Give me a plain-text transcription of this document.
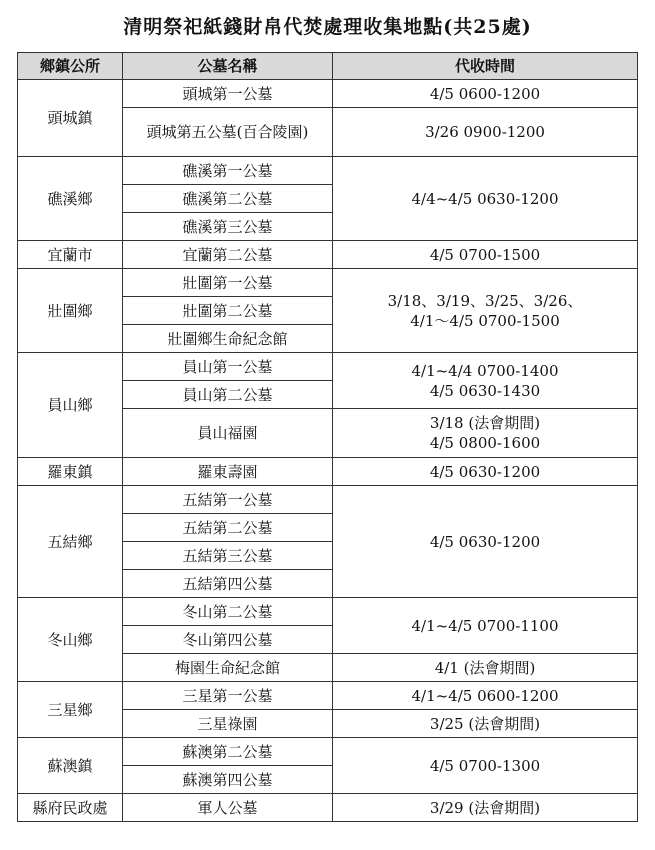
清明祭祀紙錢財帛代焚處理收集地點(共25處)
鄉鎮公所	公墓名稱	代收時間
頭城鎮	頭城第一公墓	4/5 0600-1200
	頭城第五公墓(百合陵園)	3/26 0900-1200
礁溪鄉	礁溪第一公墓	4/4~4/5 0630-1200
	礁溪第二公墓	
	礁溪第三公墓	
宜蘭市	宜蘭第二公墓	4/5 0700-1500
壯圍鄉	壯圍第一公墓	3/18、3/19、3/25、3/26、
4/1～4/5 0700-1500

	壯圍第二公墓	
	壯圍鄉生命紀念館	
員山鄉	員山第一公墓	4/1~4/4 0700-1400
4/5 0630-1430

	員山第二公墓	
	員山福園	3/18 (法會期間)
4/5 0800-1600

羅東鎮	羅東壽園	4/5 0630-1200
五結鄉	五結第一公墓	4/5 0630-1200
	五結第二公墓	
	五結第三公墓	
	五結第四公墓	
冬山鄉	冬山第二公墓	4/1~4/5 0700-1100
	冬山第四公墓	
	梅園生命紀念館	4/1 (法會期間)
三星鄉	三星第一公墓	4/1~4/5 0600-1200
	三星祿園	3/25 (法會期間)
蘇澳鎮	蘇澳第二公墓	4/5 0700-1300
	蘇澳第四公墓	
縣府民政處	軍人公墓	3/29 (法會期間)
